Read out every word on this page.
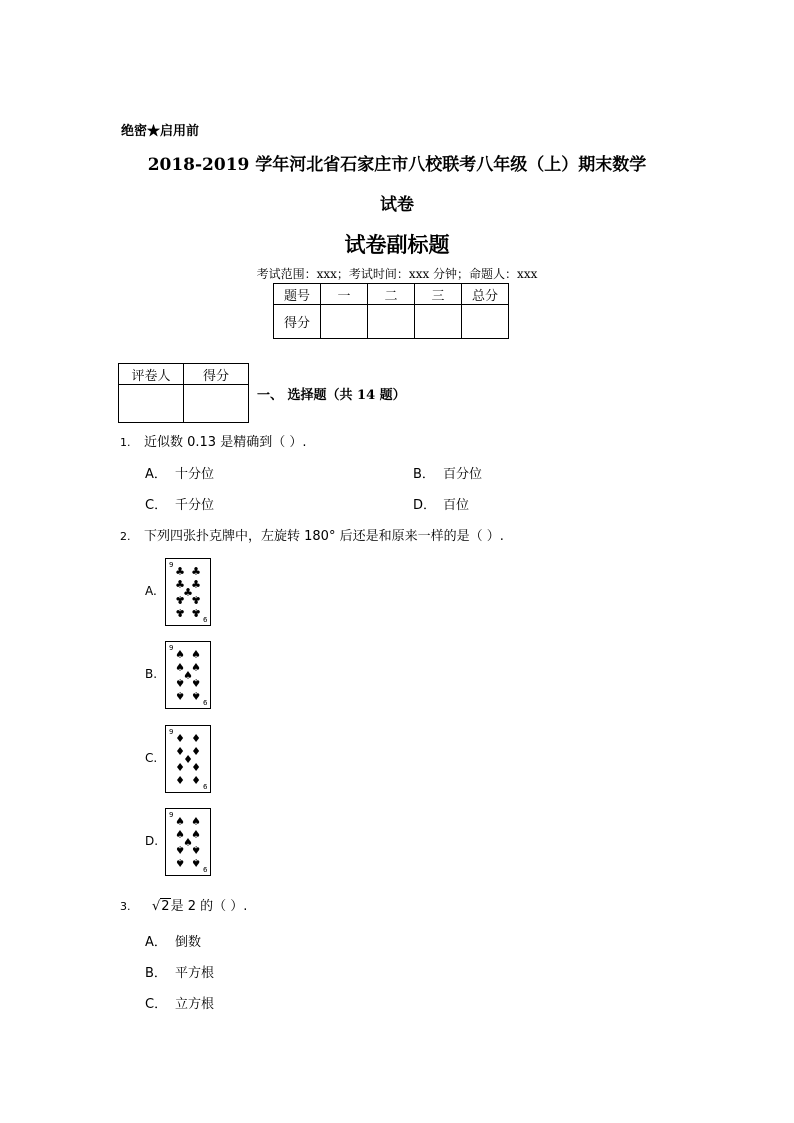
绝密★启用前
2018-2019 学年河北省石家庄市八校联考八年级（上）期末数学
试卷
试卷副标题
考试范围：xxx；考试时间：xxx 分钟；命题人：xxx
题号	一	二	三	总分
得分				
评卷人	得分

一、 选择题（共 14 题）
1. 近似数 0.13 是精确到（ ）.
A． 十分位	B． 百分位
C． 千分位	D． 百位
2. 下列四张扑克牌中，左旋转 180° 后还是和原来一样的是（ ）.
A.
9
6
♣ ♣
♣ ♣
♣
♣ ♣
♣ ♣
B.
9
6
♠ ♠
♠ ♠
♠
♠ ♠
♠ ♠
C.
9
6
♦ ♦
♦ ♦
♦
♦ ♦
♦ ♦
D.
9
6
♠ ♠
♠ ♠
♠
♠ ♠
♠ ♠
3. √2是 2 的（ ）.
A． 倒数
B． 平方根
C． 立方根
